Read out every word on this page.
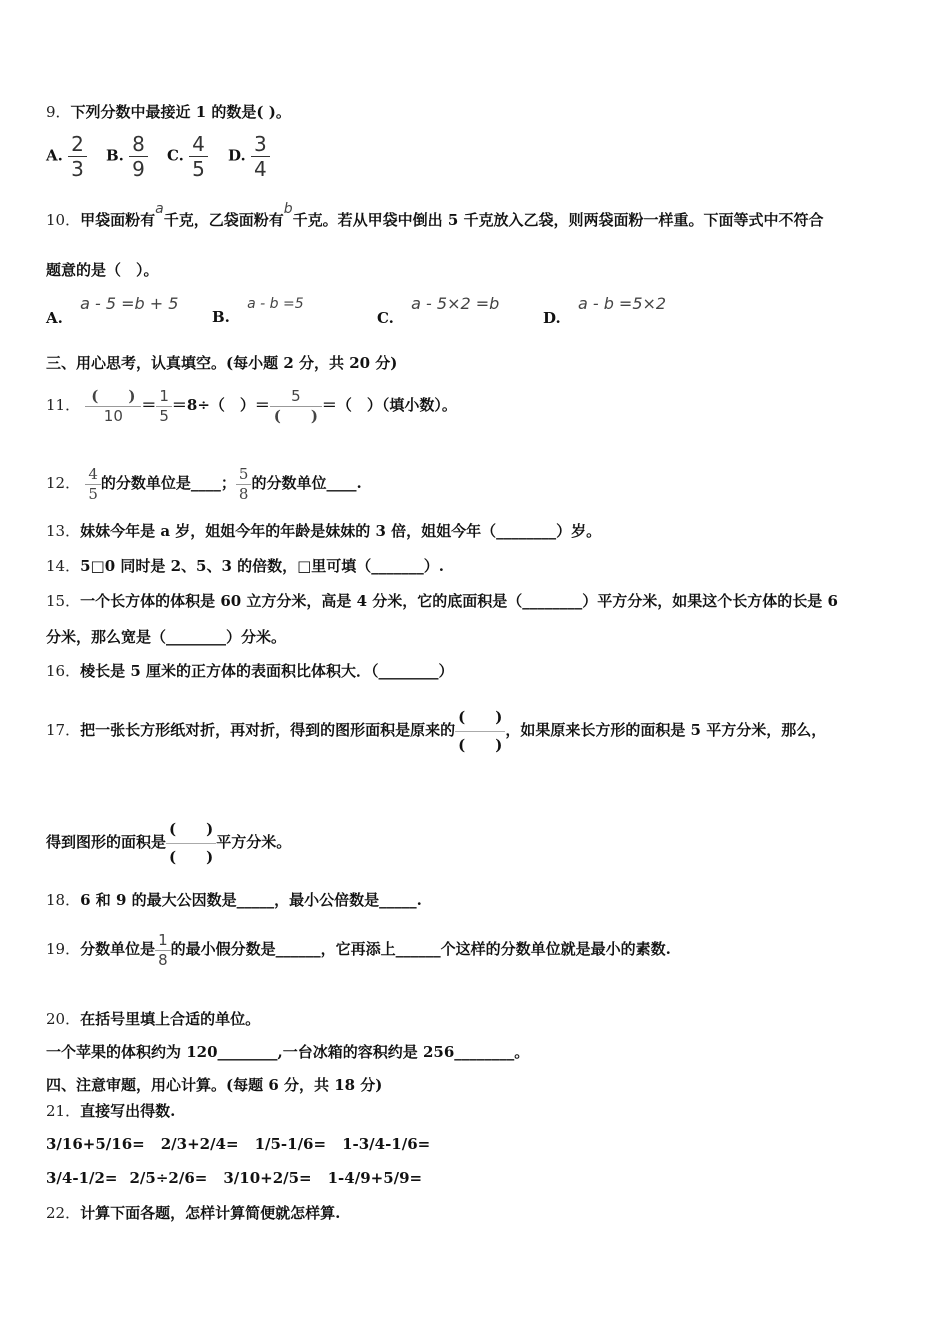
9．下列分数中最接近 1 的数是( )。
A. $\frac{2}{3} B$. $\frac{8}{9} C$. $\frac{4}{5} D$. $\frac{3}{4}$
10．甲袋面粉有a千克，乙袋面粉有b千克。若从甲袋中倒出 5 千克放入乙袋，则两袋面粉一样重。下面等式中不符合
题意的是（　）。
A. a - 5 =b + 5
B. a - b =5
C. a - 5×2 =b
D. a - b =5×2
三、用心思考，认真填空。(每小题 2 分，共 20 分)
11． $\frac{( )}{10} = \frac{1}{5} =8\div$（　）＝ $\frac{5}{( )}$ ＝（　）（填小数）。
12． $\frac{4}{5}$ 的分数单位是____； $\frac{5}{8}$ 的分数单位____.
13．妹妹今年是 a 岁，姐姐今年的年龄是妹妹的 3 倍，姐姐今年（________）岁。
14．5□0 同时是 2、5、3 的倍数，□里可填（_______）.
15．一个长方体的体积是 60 立方分米，高是 4 分米，它的底面积是（________）平方分米，如果这个长方体的长是 6
分米，那么宽是（________）分米。
16．棱长是 5 厘米的正方体的表面积比体积大．（________）
17．把一张长方形纸对折，再对折，得到的图形面积是原来的 $\frac{( )}{( )}$ ，如果原来长方形的面积是 5 平方分米，那么，
得到图形的面积是 $\frac{( )}{( )}$ 平方分米。
18．6 和 9 的最大公因数是_____，最小公倍数是_____.
19．分数单位是 $\frac{1}{8}$ 的最小假分数是______，它再添上______个这样的分数单位就是最小的素数.
20．在括号里填上合适的单位。
一个苹果的体积约为 120________,一台冰箱的容积约是 256________。
四、注意审题，用心计算。(每题 6 分，共 18 分)
21．直接写出得数.
3/16+5/16= 2/3+2/4= 1/5-1/6= 1-3/4-1/6=
3/4-1/2= 2/5÷2/6= 3/10+2/5= 1-4/9+5/9=
22．计算下面各题，怎样计算简便就怎样算.
